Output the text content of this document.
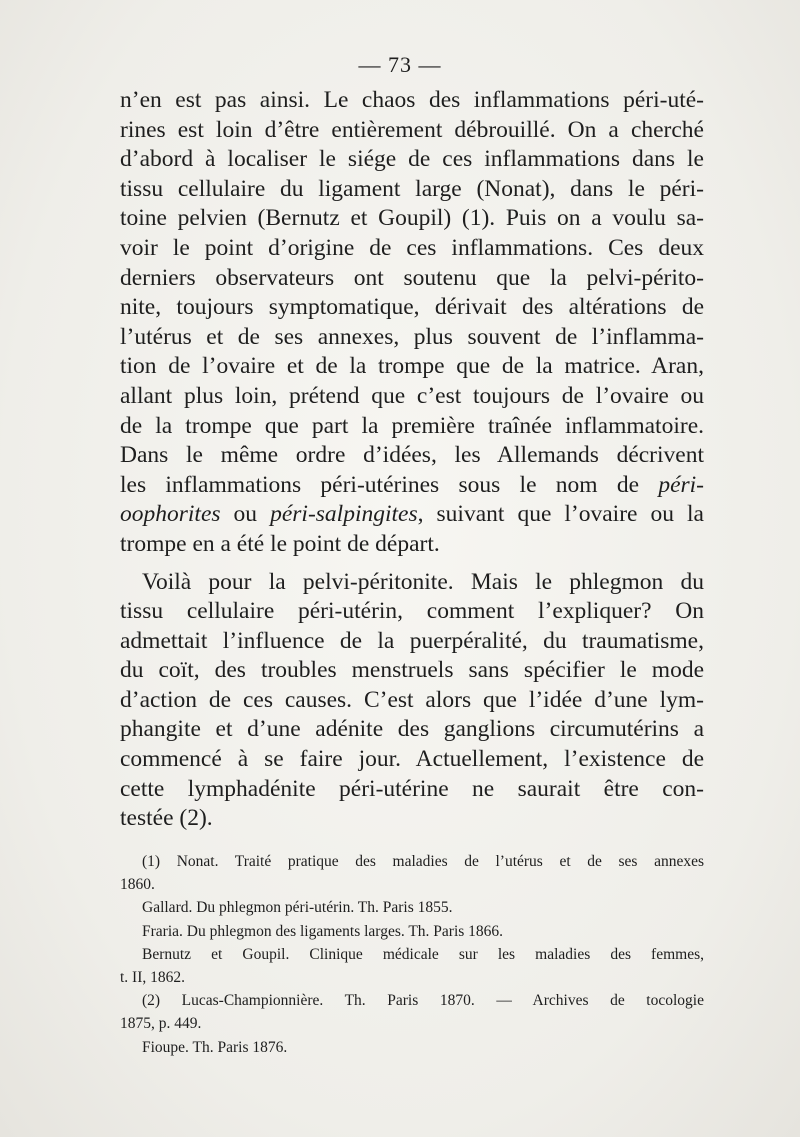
— 73 —
n’en est pas ainsi. Le chaos des inflammations péri-uté-
rines est loin d’être entièrement débrouillé. On a cherché
d’abord à localiser le siége de ces inflammations dans le
tissu cellulaire du ligament large (Nonat), dans le péri-
toine pelvien (Bernutz et Goupil) (1). Puis on a voulu sa-
voir le point d’origine de ces inflammations. Ces deux
derniers observateurs ont soutenu que la pelvi-périto-
nite, toujours symptomatique, dérivait des altérations de
l’utérus et de ses annexes, plus souvent de l’inflamma-
tion de l’ovaire et de la trompe que de la matrice. Aran,
allant plus loin, prétend que c’est toujours de l’ovaire ou
de la trompe que part la première traînée inflammatoire.
Dans le même ordre d’idées, les Allemands décrivent
les inflammations péri-utérines sous le nom de péri-
oophorites ou péri-salpingites, suivant que l’ovaire ou la
trompe en a été le point de départ.
Voilà pour la pelvi-péritonite. Mais le phlegmon du
tissu cellulaire péri-utérin, comment l’expliquer? On
admettait l’influence de la puerpéralité, du traumatisme,
du coït, des troubles menstruels sans spécifier le mode
d’action de ces causes. C’est alors que l’idée d’une lym-
phangite et d’une adénite des ganglions circumutérins a
commencé à se faire jour. Actuellement, l’existence de
cette lymphadénite péri-utérine ne saurait être con-
testée (2).
(1) Nonat. Traité pratique des maladies de l’utérus et de ses annexes
1860.
Gallard. Du phlegmon péri-utérin. Th. Paris 1855.
Fraria. Du phlegmon des ligaments larges. Th. Paris 1866.
Bernutz et Goupil. Clinique médicale sur les maladies des femmes,
t. II, 1862.
(2) Lucas-Championnière. Th. Paris 1870. — Archives de tocologie
1875, p. 449.
Fioupe. Th. Paris 1876.
